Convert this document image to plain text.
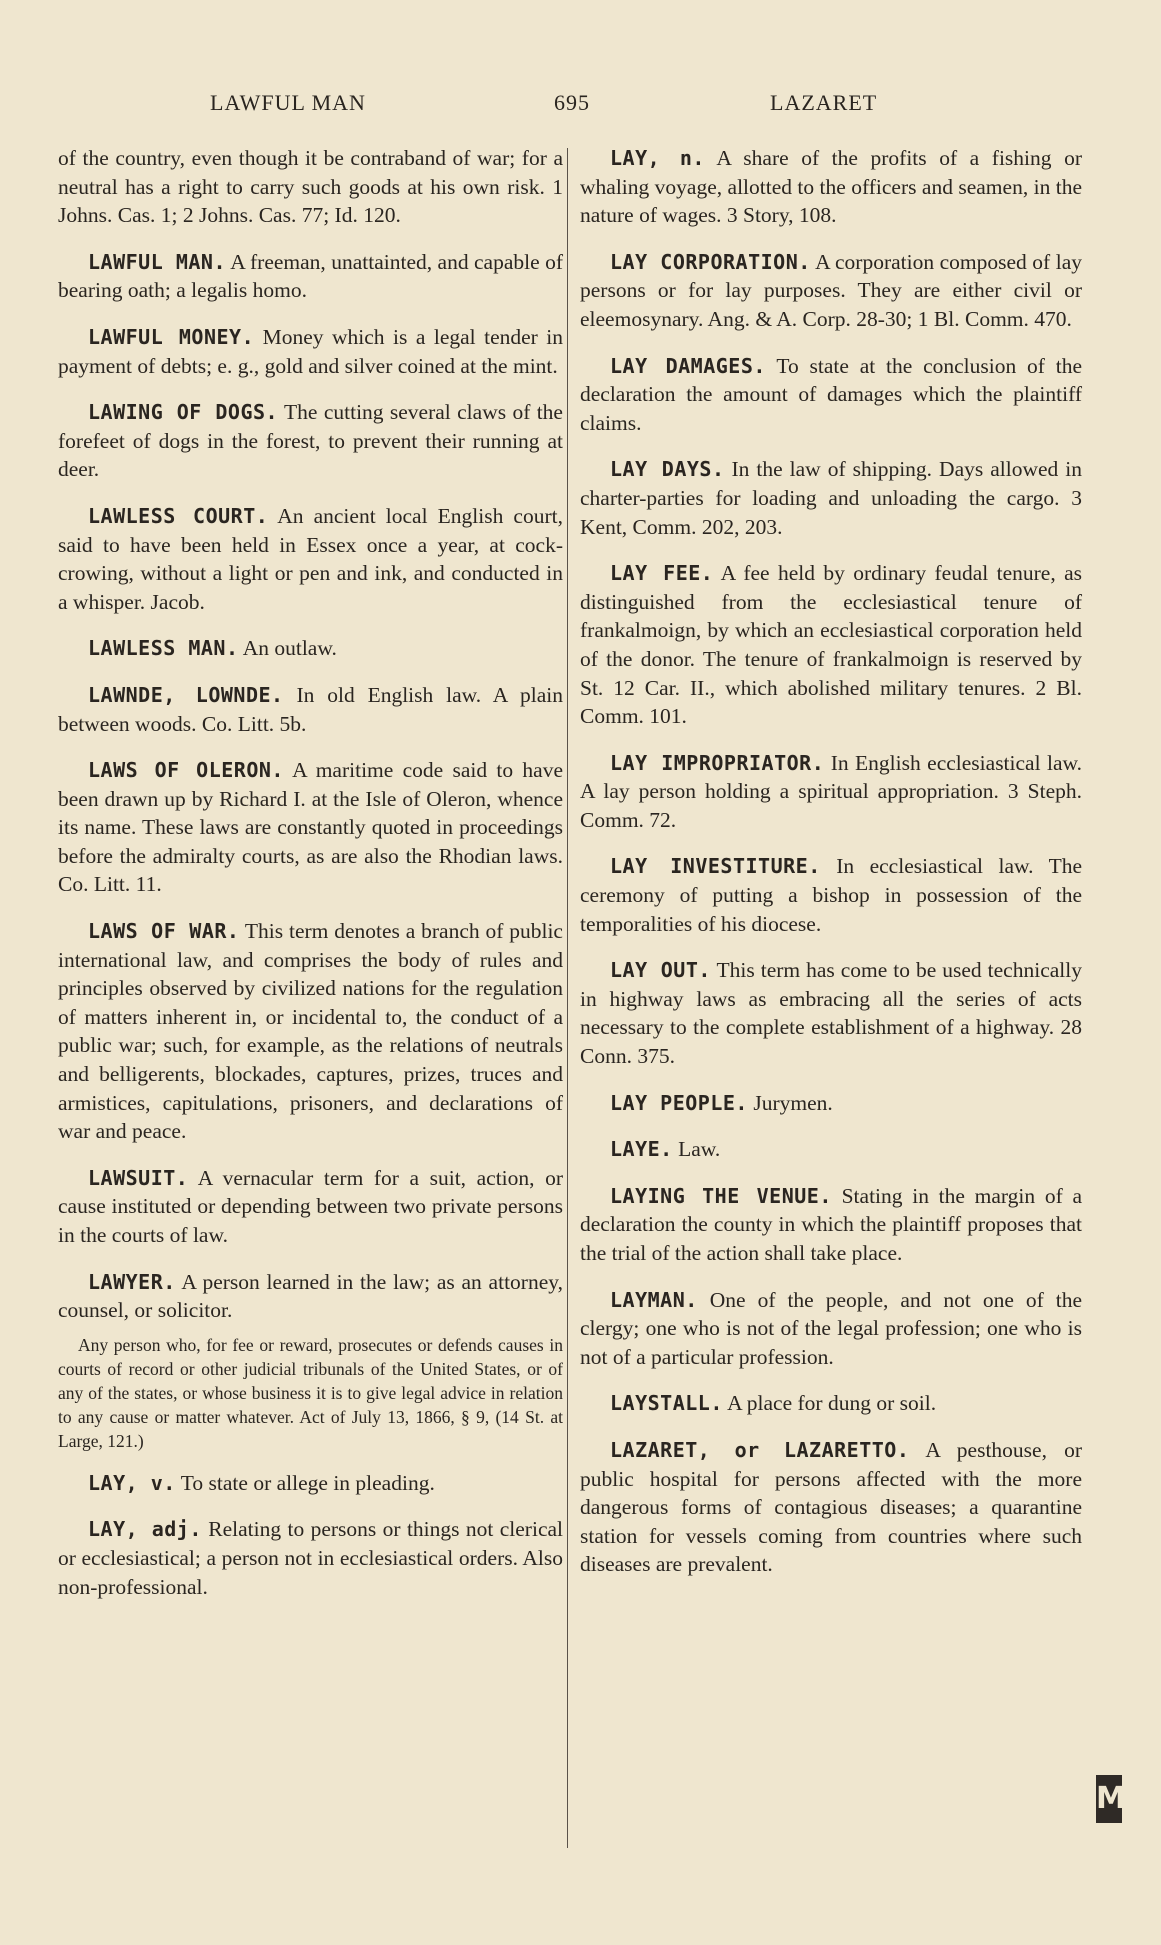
LAWFUL MAN	695	LAZARET

of the country, even though it be contraband of war; for a neutral has a right to carry such goods at his own risk. 1 Johns. Cas. 1; 2 Johns. Cas. 77; Id. 120.

LAWFUL MAN. A freeman, unattainted, and capable of bearing oath; a legalis homo.

LAWFUL MONEY. Money which is a legal tender in payment of debts; e. g., gold and silver coined at the mint.

LAWING OF DOGS. The cutting several claws of the forefeet of dogs in the forest, to prevent their running at deer.

LAWLESS COURT. An ancient local English court, said to have been held in Essex once a year, at cock-crowing, without a light or pen and ink, and conducted in a whisper. Jacob.

LAWLESS MAN. An outlaw.

LAWNDE, LOWNDE. In old English law. A plain between woods. Co. Litt. 5b.

LAWS OF OLERON. A maritime code said to have been drawn up by Richard I. at the Isle of Oleron, whence its name. These laws are constantly quoted in proceedings before the admiralty courts, as are also the Rhodian laws. Co. Litt. 11.

LAWS OF WAR. This term denotes a branch of public international law, and comprises the body of rules and principles observed by civilized nations for the regulation of matters inherent in, or incidental to, the conduct of a public war; such, for example, as the relations of neutrals and belligerents, blockades, captures, prizes, truces and armistices, capitulations, prisoners, and declarations of war and peace.

LAWSUIT. A vernacular term for a suit, action, or cause instituted or depending between two private persons in the courts of law.

LAWYER. A person learned in the law; as an attorney, counsel, or solicitor.

Any person who, for fee or reward, prosecutes or defends causes in courts of record or other judicial tribunals of the United States, or of any of the states, or whose business it is to give legal advice in relation to any cause or matter whatever. Act of July 13, 1866, § 9, (14 St. at Large, 121.)

LAY, v. To state or allege in pleading.

LAY, adj. Relating to persons or things not clerical or ecclesiastical; a person not in ecclesiastical orders. Also non-professional.

LAY, n. A share of the profits of a fishing or whaling voyage, allotted to the officers and seamen, in the nature of wages. 3 Story, 108.

LAY CORPORATION. A corporation composed of lay persons or for lay purposes. They are either civil or eleemosynary. Ang. & A. Corp. 28-30; 1 Bl. Comm. 470.

LAY DAMAGES. To state at the conclusion of the declaration the amount of damages which the plaintiff claims.

LAY DAYS. In the law of shipping. Days allowed in charter-parties for loading and unloading the cargo. 3 Kent, Comm. 202, 203.

LAY FEE. A fee held by ordinary feudal tenure, as distinguished from the ecclesiastical tenure of frankalmoign, by which an ecclesiastical corporation held of the donor. The tenure of frankalmoign is reserved by St. 12 Car. II., which abolished military tenures. 2 Bl. Comm. 101.

LAY IMPROPRIATOR. In English ecclesiastical law. A lay person holding a spiritual appropriation. 3 Steph. Comm. 72.

LAY INVESTITURE. In ecclesiastical law. The ceremony of putting a bishop in possession of the temporalities of his diocese.

LAY OUT. This term has come to be used technically in highway laws as embracing all the series of acts necessary to the complete establishment of a highway. 28 Conn. 375.

LAY PEOPLE. Jurymen.

LAYE. Law.

LAYING THE VENUE. Stating in the margin of a declaration the county in which the plaintiff proposes that the trial of the action shall take place.

LAYMAN. One of the people, and not one of the clergy; one who is not of the legal profession; one who is not of a particular profession.

LAYSTALL. A place for dung or soil.

LAZARET, or LAZARETTO. A pesthouse, or public hospital for persons affected with the more dangerous forms of contagious diseases; a quarantine station for vessels coming from countries where such diseases are prevalent.

M
